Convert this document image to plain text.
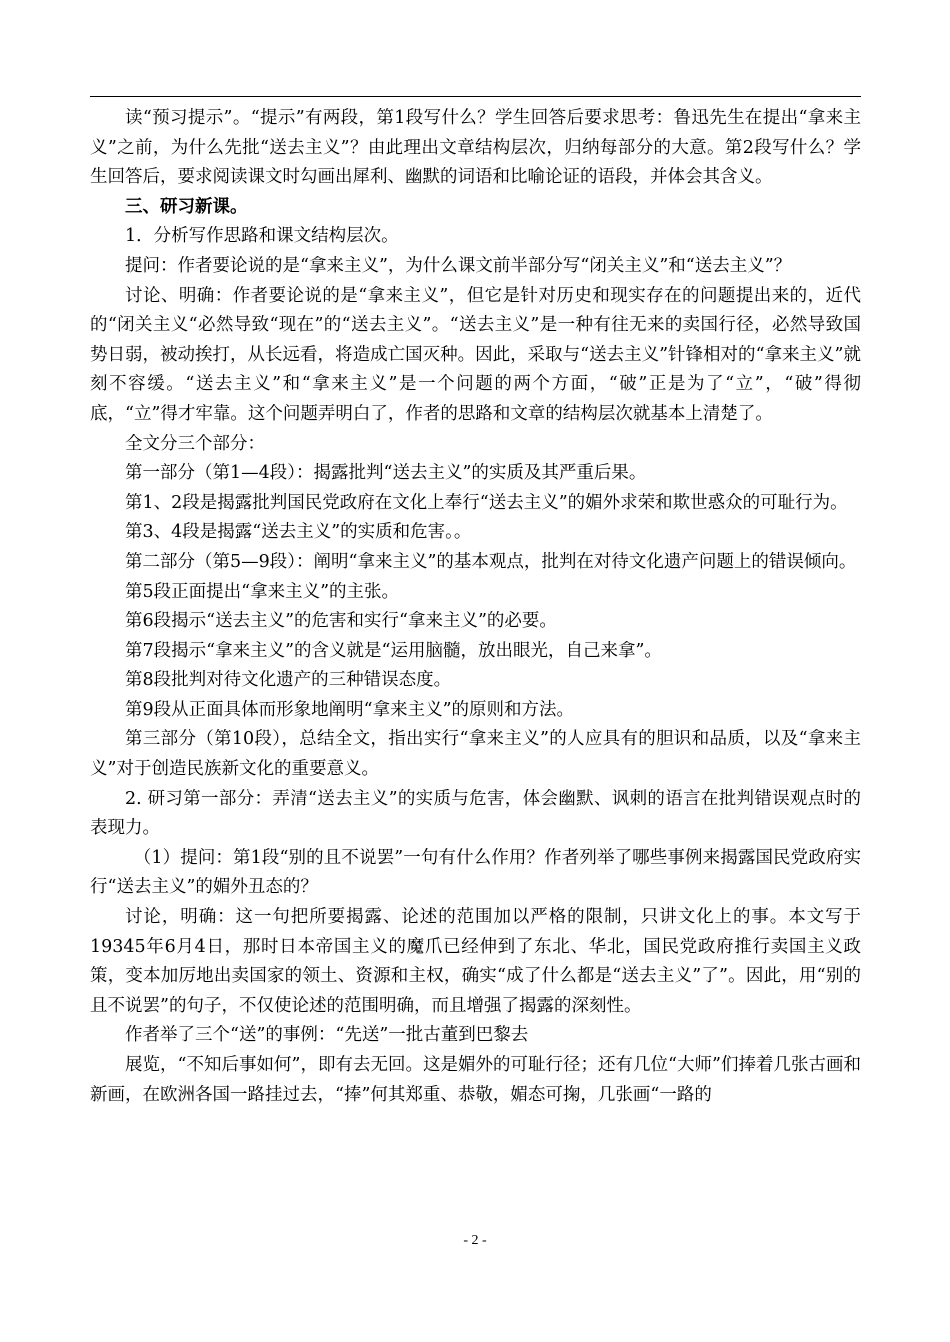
读“预习提示”。“提示”有两段，第1段写什么？学生回答后要求思考：鲁迅先生在提出“拿来主义”之前，为什么先批“送去主义”？由此理出文章结构层次，归纳每部分的大意。第2段写什么？学生回答后，要求阅读课文时勾画出犀利、幽默的词语和比喻论证的语段，并体会其含义。

三、研习新课。

1．分析写作思路和课文结构层次。

提问：作者要论说的是“拿来主义”，为什么课文前半部分写“闭关主义”和“送去主义”？

讨论、明确：作者要论说的是“拿来主义”，但它是针对历史和现实存在的问题提出来的，近代的“闭关主义“必然导致“现在”的“送去主义”。“送去主义”是一种有往无来的卖国行径，必然导致国势日弱，被动挨打，从长远看，将造成亡国灭种。因此，采取与“送去主义”针锋相对的“拿来主义”就刻不容缓。“送去主义”和“拿来主义”是一个问题的两个方面，“破”正是为了“立”，“破”得彻底，“立”得才牢靠。这个问题弄明白了，作者的思路和文章的结构层次就基本上清楚了。

全文分三个部分：

第一部分（第1—4段）：揭露批判“送去主义”的实质及其严重后果。

第1、2段是揭露批判国民党政府在文化上奉行“送去主义”的媚外求荣和欺世惑众的可耻行为。

第3、4段是揭露“送去主义”的实质和危害。。

第二部分（第5—9段）：阐明“拿来主义”的基本观点，批判在对待文化遗产问题上的错误倾向。

第5段正面提出“拿来主义”的主张。

第6段揭示“送去主义”的危害和实行“拿来主义”的必要。

第7段揭示“拿来主义”的含义就是“运用脑髓，放出眼光，自己来拿”。

第8段批判对待文化遗产的三种错误态度。

第9段从正面具体而形象地阐明“拿来主义”的原则和方法。

第三部分（第10段），总结全文，指出实行“拿来主义”的人应具有的胆识和品质，以及“拿来主义”对于创造民族新文化的重要意义。

2. 研习第一部分：弄清“送去主义”的实质与危害，体会幽默、讽刺的语言在批判错误观点时的表现力。

（1）提问：第1段“别的且不说罢”一句有什么作用？作者列举了哪些事例来揭露国民党政府实行“送去主义”的媚外丑态的？

讨论，明确：这一句把所要揭露、论述的范围加以严格的限制，只讲文化上的事。本文写于19345年6月4日，那时日本帝国主义的魔爪已经伸到了东北、华北，国民党政府推行卖国主义政策，变本加厉地出卖国家的领土、资源和主权，确实“成了什么都是“送去主义”了”。因此，用“别的且不说罢”的句子，不仅使论述的范围明确，而且增强了揭露的深刻性。

作者举了三个“送”的事例：“先送”一批古董到巴黎去

展览，“不知后事如何”，即有去无回。这是媚外的可耻行径；还有几位“大师”们捧着几张古画和新画，在欧洲各国一路挂过去，“捧”何其郑重、恭敬，媚态可掬，几张画“一路的

- 2 -
